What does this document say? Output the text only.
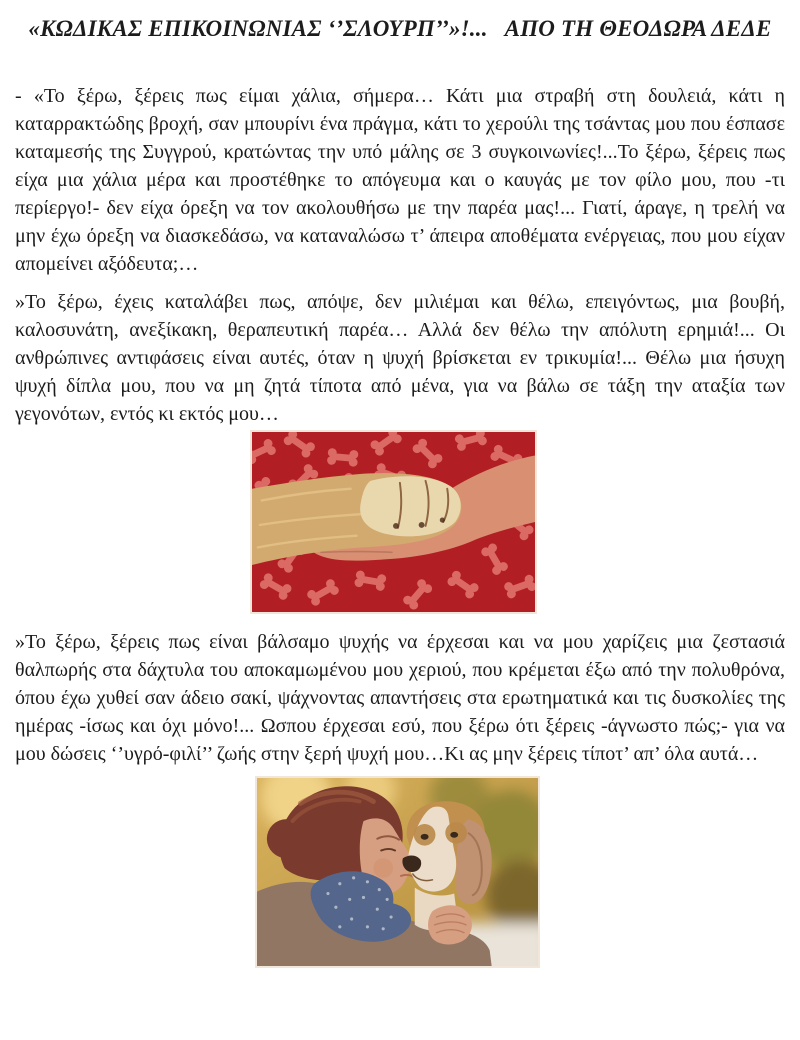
«ΚΩΔΙΚΑΣ ΕΠΙΚΟΙΝΩΝΙΑΣ ‘’ΣΛΟΥΡΠ’’»!...   ΑΠΟ ΤΗ ΘΕΟΔΩΡΑ ΔΕΔΕ

- «Το ξέρω, ξέρεις πως είμαι χάλια, σήμερα… Κάτι μια στραβή στη δουλειά, κάτι η καταρρακτώδης βροχή, σαν μπουρίνι ένα πράγμα, κάτι το χερούλι της τσάντας μου που έσπασε καταμεσής της Συγγρού, κρατώντας την υπό μάλης σε 3 συγκοινωνίες!...Το ξέρω, ξέρεις πως είχα μια χάλια μέρα και προστέθηκε το απόγευμα και ο καυγάς με τον φίλο μου, που -τι περίεργο!- δεν είχα όρεξη να τον ακολουθήσω με την παρέα μας!... Γιατί, άραγε, η τρελή να μην έχω όρεξη να διασκεδάσω, να καταναλώσω τ’ άπειρα αποθέματα ενέργειας, που μου είχαν απομείνει αξόδευτα;…

»Το ξέρω, έχεις καταλάβει πως, απόψε, δεν μιλιέμαι και θέλω, επειγόντως, μια βουβή, καλοσυνάτη, ανεξίκακη, θεραπευτική παρέα… Αλλά δεν θέλω την απόλυτη ερημιά!... Οι ανθρώπινες αντιφάσεις είναι αυτές, όταν η ψυχή βρίσκεται εν τρικυμία!... Θέλω μια ήσυχη ψυχή δίπλα μου, που να μη ζητά τίποτα από μένα, για να βάλω σε τάξη την αταξία των γεγονότων, εντός κι εκτός μου…

»Το ξέρω, ξέρεις πως είναι βάλσαμο ψυχής να έρχεσαι και να μου χαρίζεις μια ζεστασιά θαλπωρής στα δάχτυλα του αποκαμωμένου μου χεριού, που κρέμεται έξω από την πολυθρόνα, όπου έχω χυθεί σαν άδειο σακί, ψάχνοντας απαντήσεις στα ερωτηματικά και τις δυσκολίες της ημέρας -ίσως και όχι μόνο!... Ωσπου έρχεσαι εσύ, που ξέρω ότι ξέρεις -άγνωστο πώς;- για να μου δώσεις ‘’υγρό-φιλί’’ ζωής στην ξερή ψυχή μου…Κι ας μην ξέρεις τίποτ’ απ’ όλα αυτά…
